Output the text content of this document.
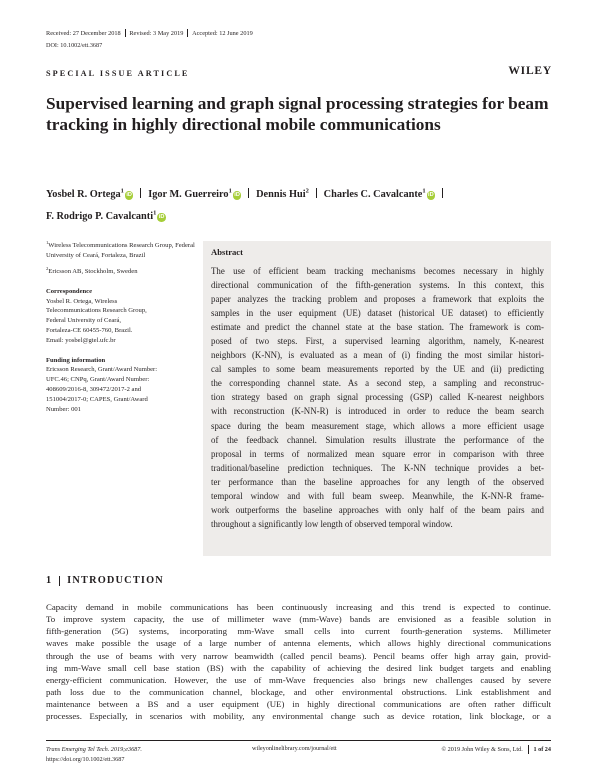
Received: 27 December 2018 Revised: 3 May 2019 Accepted: 12 June 2019
DOI: 10.1002/ett.3687
SPECIAL ISSUE ARTICLE	WILEY
Supervised learning and graph signal processing strategies for beam tracking in highly directional mobile communications
Yosbel R. Ortega$^1$iD Igor M. Guerreiro$^1$iD Dennis Hui$^2$ Charles C. Cavalcante$^1$iD
F. Rodrigo P. Cavalcanti$^1$iD
$^1$Wireless Telecommunications Research Group, Federal University of Ceará, Fortaleza, Brazil
$^2$Ericsson AB, Stockholm, Sweden
Correspondence
Yosbel R. Ortega, Wireless
Telecommunications Research Group,
Federal University of Ceará,
Fortaleza-CE 60455-760, Brazil.
Email: yosbel@gtel.ufc.br
Funding information
Ericsson Research, Grant/Award Number:
UFC.46; CNPq, Grant/Award Number:
408609/2016-8, 309472/2017-2 and
151004/2017-0; CAPES, Grant/Award
Number: 001
Abstract
The use of efficient beam tracking mechanisms becomes necessary in highly
directional communication of the fifth-generation systems. In this context, this
paper analyzes the tracking problem and proposes a framework that exploits the
samples in the user equipment (UE) dataset (historical UE dataset) to efficiently
estimate and predict the channel state at the base station. The framework is com-
posed of two steps. First, a supervised learning algorithm, namely, K-nearest
neighbors (K-NN), is evaluated as a mean of (i) finding the most similar histori-
cal samples to some beam measurements reported by the UE and (ii) predicting
the corresponding channel state. As a second step, a sampling and reconstruc-
tion strategy based on graph signal processing (GSP) called K-nearest neighbors
with reconstruction (K-NN-R) is introduced in order to reduce the beam search
space during the beam measurement stage, which allows a more efficient usage
of the feedback channel. Simulation results illustrate the performance of the
proposal in terms of normalized mean square error in comparison with three
traditional/baseline prediction techniques. The K-NN technique provides a bet-
ter performance than the baseline approaches for any length of the observed
temporal window and with full beam sweep. Meanwhile, the K-NN-R frame-
work outperforms the baseline approaches with only half of the beam pairs and
throughout a significantly low length of observed temporal window.
1 INTRODUCTION
Capacity demand in mobile communications has been continuously increasing and this trend is expected to continue.
To improve system capacity, the use of millimeter wave (mm-Wave) bands are envisioned as a feasible solution in
fifth-generation (5G) systems, incorporating mm-Wave small cells into current fourth-generation systems. Millimeter
waves make possible the usage of a large number of antenna elements, which allows highly directional communications
through the use of beams with very narrow beamwidth (called pencil beams). Pencil beams offer high array gain, provid-
ing mm-Wave small cell base station (BS) with the capability of achieving the desired link budget targets and enabling
energy-efficient communication. However, the use of mm-Wave frequencies also brings new challenges caused by severe
path loss due to the communication channel, blockage, and other environmental obstructions. Link establishment and
maintenance between a BS and a user equipment (UE) in highly directional communications are often rather difficult
processes. Especially, in scenarios with mobility, any environmental change such as device rotation, link blockage, or a
Trans Emerging Tel Tech. 2019;e3687.
https://doi.org/10.1002/ett.3687
wileyonlinelibrary.com/journal/ett	© 2019 John Wiley & Sons, Ltd. 1 of 24
